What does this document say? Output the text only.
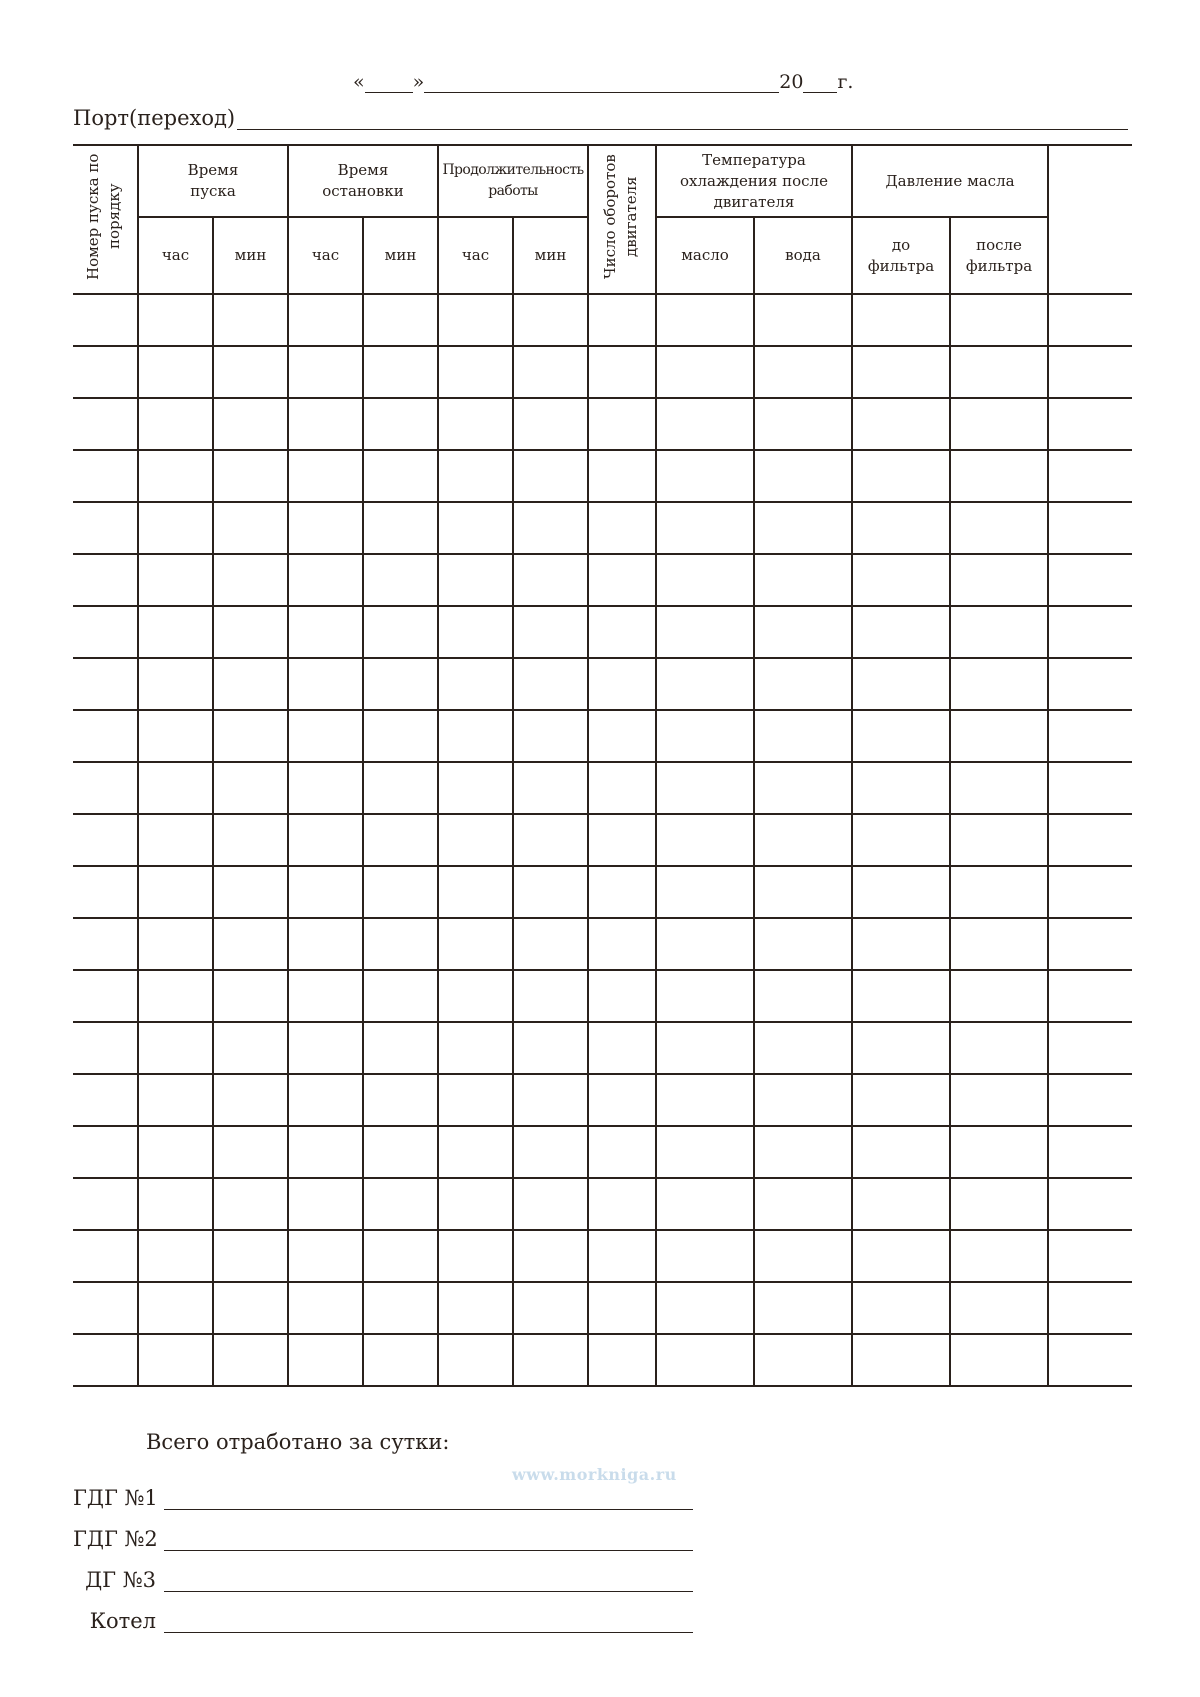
«	»	20 г.
Порт(переход)
Номер пуска по порядку	Время пуска		Время остановки		Продолжительность работы		Число оборотов двигателя	Температура охлаждения после двигателя		Давление масла		

	час	мин	час	мин	час	мин		масло	вода	до фильтра	после фильтра	

Всего отработано за сутки:
www.morkniga.ru
ГДГ №1
ГДГ №2
ДГ №3
Котел
